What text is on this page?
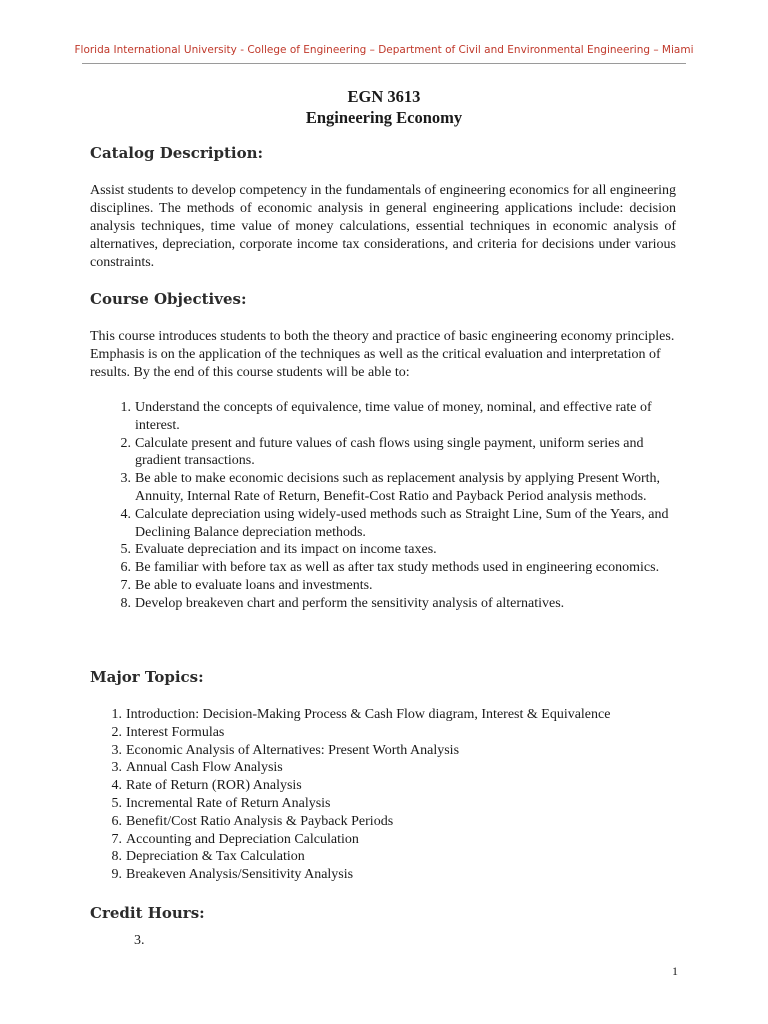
Florida International University - College of Engineering – Department of Civil and Environmental Engineering – Miami
EGN 3613
Engineering Economy
Catalog Description:
Assist students to develop competency in the fundamentals of engineering economics for all engineering disciplines. The methods of economic analysis in general engineering applications include: decision analysis techniques, time value of money calculations, essential techniques in economic analysis of alternatives, depreciation, corporate income tax considerations, and criteria for decisions under various constraints.
Course Objectives:
This course introduces students to both the theory and practice of basic engineering economy principles. Emphasis is on the application of the techniques as well as the critical evaluation and interpretation of results. By the end of this course students will be able to:
1. Understand the concepts of equivalence, time value of money, nominal, and effective rate of interest.
2. Calculate present and future values of cash flows using single payment, uniform series and gradient transactions.
3. Be able to make economic decisions such as replacement analysis by applying Present Worth, Annuity, Internal Rate of Return, Benefit-Cost Ratio and Payback Period analysis methods.
4. Calculate depreciation using widely-used methods such as Straight Line, Sum of the Years, and Declining Balance depreciation methods.
5. Evaluate depreciation and its impact on income taxes.
6. Be familiar with before tax as well as after tax study methods used in engineering economics.
7. Be able to evaluate loans and investments.
8. Develop breakeven chart and perform the sensitivity analysis of alternatives.
Major Topics:
1. Introduction: Decision-Making Process & Cash Flow diagram, Interest & Equivalence
2. Interest Formulas
3. Economic Analysis of Alternatives: Present Worth Analysis
3. Annual Cash Flow Analysis
4. Rate of Return (ROR) Analysis
5. Incremental Rate of Return Analysis
6. Benefit/Cost Ratio Analysis & Payback Periods
7. Accounting and Depreciation Calculation
8. Depreciation & Tax Calculation
9. Breakeven Analysis/Sensitivity Analysis
Credit Hours:
3.
1
